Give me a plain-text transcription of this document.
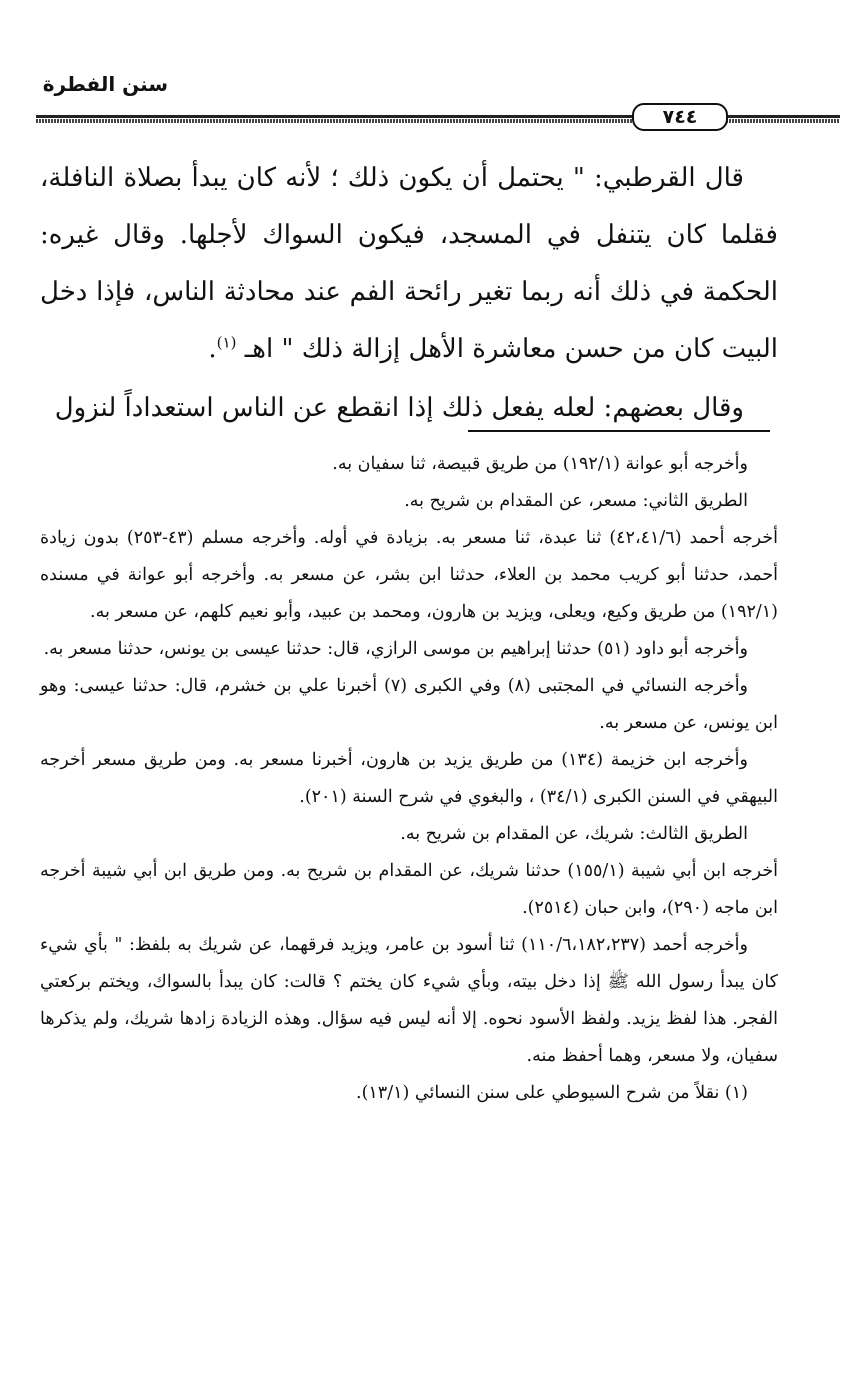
سنن الفطرة
٧٤٤

قال القرطبي: " يحتمل أن يكون ذلك ؛ لأنه كان يبدأ بصلاة النافلة، فقلما كان يتنفل في المسجد، فيكون السواك لأجلها. وقال غيره: الحكمة في ذلك أنه ربما تغير رائحة الفم عند محادثة الناس، فإذا دخل البيت كان من حسن معاشرة الأهل إزالة ذلك " اهـ $^{(١)}$.

وقال بعضهم: لعله يفعل ذلك إذا انقطع عن الناس استعداداً لنزول

وأخرجه أبو عوانة (١٩٢/١) من طريق قبيصة، ثنا سفيان به.

الطريق الثاني: مسعر، عن المقدام بن شريح به.

أخرجه أحمد (٤٢،٤١/٦) ثنا عبدة، ثنا مسعر به. بزيادة في أوله. وأخرجه مسلم (٤٣-٢٥٣) بدون زيادة أحمد، حدثنا أبو كريب محمد بن العلاء، حدثنا ابن بشر، عن مسعر به. وأخرجه أبو عوانة في مسنده (١٩٢/١) من طريق وكيع، ويعلى، ويزيد بن هارون، ومحمد بن عبيد، وأبو نعيم كلهم، عن مسعر به.

وأخرجه أبو داود (٥١) حدثنا إبراهيم بن موسى الرازي، قال: حدثنا عيسى بن يونس، حدثنا مسعر به.

وأخرجه النسائي في المجتبى (٨) وفي الكبرى (٧) أخبرنا علي بن خشرم، قال: حدثنا عيسى: وهو ابن يونس، عن مسعر به.

وأخرجه ابن خزيمة (١٣٤) من طريق يزيد بن هارون، أخبرنا مسعر به. ومن طريق مسعر أخرجه البيهقي في السنن الكبرى (٣٤/١) ، والبغوي في شرح السنة (٢٠١).

الطريق الثالث: شريك، عن المقدام بن شريح به.

أخرجه ابن أبي شيبة (١٥٥/١) حدثنا شريك، عن المقدام بن شريح به. ومن طريق ابن أبي شيبة أخرجه ابن ماجه (٢٩٠)، وابن حبان (٢٥١٤).

وأخرجه أحمد (١١٠/٦،١٨٢،٢٣٧) ثنا أسود بن عامر، ويزيد فرقهما، عن شريك به بلفظ: " بأي شيء كان يبدأ رسول الله ﷺ إذا دخل بيته، وبأي شيء كان يختم ؟ قالت: كان يبدأ بالسواك، ويختم بركعتي الفجر. هذا لفظ يزيد. ولفظ الأسود نحوه. إلا أنه ليس فيه سؤال. وهذه الزيادة زادها شريك، ولم يذكرها سفيان، ولا مسعر، وهما أحفظ منه.

(١) نقلاً من شرح السيوطي على سنن النسائي (١٣/١).
